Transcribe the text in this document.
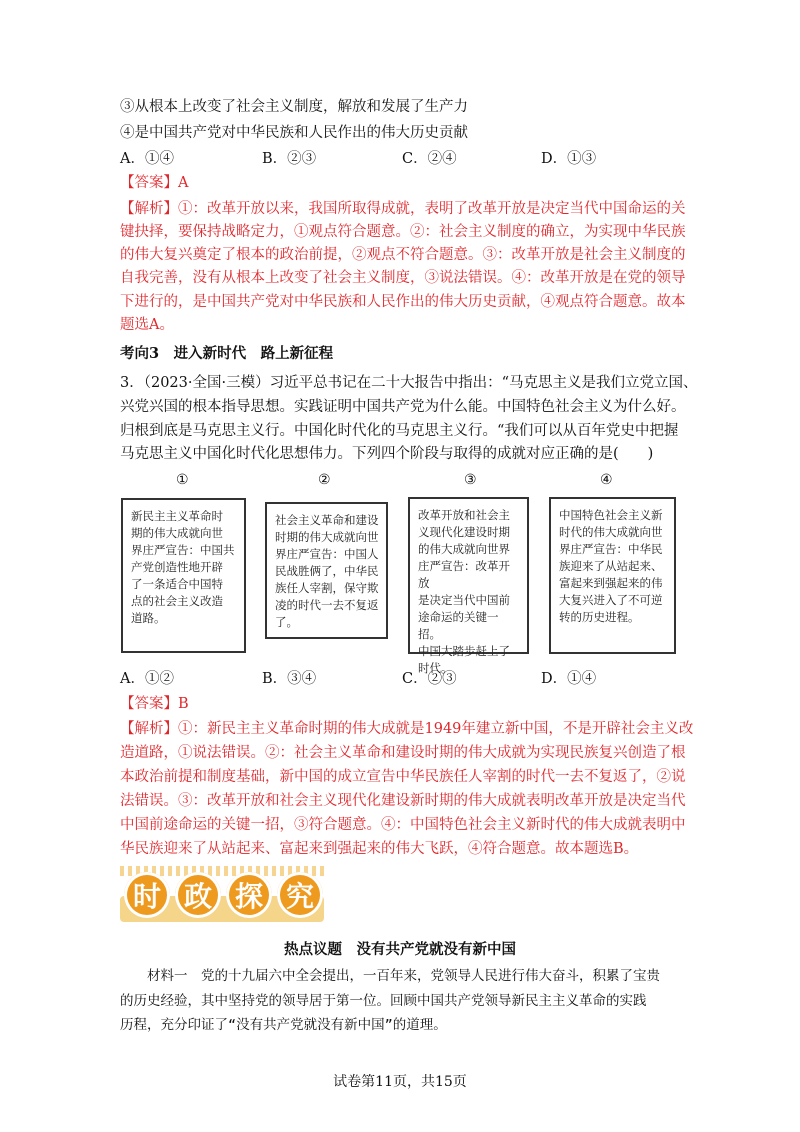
③从根本上改变了社会主义制度，解放和发展了生产力
④是中国共产党对中华民族和人民作出的伟大历史贡献
A．①④	B．②③	C．②④	D．①③
【答案】A
【解析】①：改革开放以来，我国所取得成就，表明了改革开放是决定当代中国命运的关
键抉择，要保持战略定力，①观点符合题意。②：社会主义制度的确立，为实现中华民族
的伟大复兴奠定了根本的政治前提，②观点不符合题意。③：改革开放是社会主义制度的
自我完善，没有从根本上改变了社会主义制度，③说法错误。④：改革开放是在党的领导
下进行的，是中国共产党对中华民族和人民作出的伟大历史贡献，④观点符合题意。故本
题选A。
考向3　进入新时代　路上新征程
3．（2023·全国·三模）习近平总书记在二十大报告中指出：“马克思主义是我们立党立国、
兴党兴国的根本指导思想。实践证明中国共产党为什么能。中国特色社会主义为什么好。
归根到底是马克思主义行。中国化时代化的马克思主义行。“我们可以从百年党史中把握
马克思主义中国化时代化思想伟力。下列四个阶段与取得的成就对应正确的是(　　)
①	②	③	④
新民主主义革命时
期的伟大成就向世
界庄严宣告：中国共
产党创造性地开辟
了一条适合中国特
点的社会主义改造
道路。
社会主义革命和建设
时期的伟大成就向世
界庄严宣告：中国人
民战胜俩了，中华民
族任人宰割，保守欺
凌的时代一去不复返
了。
改革开放和社会主
义现代化建设时期
的伟大成就向世界
庄严宣告：改革开放
是决定当代中国前
途命运的关键一招。
中国大踏步赶上了
时代。
中国特色社会主义新
时代的伟大成就向世
界庄严宣告：中华民
族迎来了从站起来、
富起来到强起来的伟
大复兴进入了不可逆
转的历史进程。
A．①②	B．③④	C．②③	D．①④
【答案】B
【解析】①：新民主主义革命时期的伟大成就是1949年建立新中国，不是开辟社会主义改
造道路，①说法错误。②：社会主义革命和建设时期的伟大成就为实现民族复兴创造了根
本政治前提和制度基础，新中国的成立宣告中华民族任人宰割的时代一去不复返了，②说
法错误。③：改革开放和社会主义现代化建设新时期的伟大成就表明改革开放是决定当代
中国前途命运的关键一招，③符合题意。④：中国特色社会主义新时代的伟大成就表明中
华民族迎来了从站起来、富起来到强起来的伟大飞跃，④符合题意。故本题选B。
时 政 探 究
热点议题　没有共产党就没有新中国
　　材料一　党的十九届六中全会提出，一百年来，党领导人民进行伟大奋斗，积累了宝贵
的历史经验，其中坚持党的领导居于第一位。回顾中国共产党领导新民主主义革命的实践
历程，充分印证了“没有共产党就没有新中国”的道理。
试卷第11页，共15页
